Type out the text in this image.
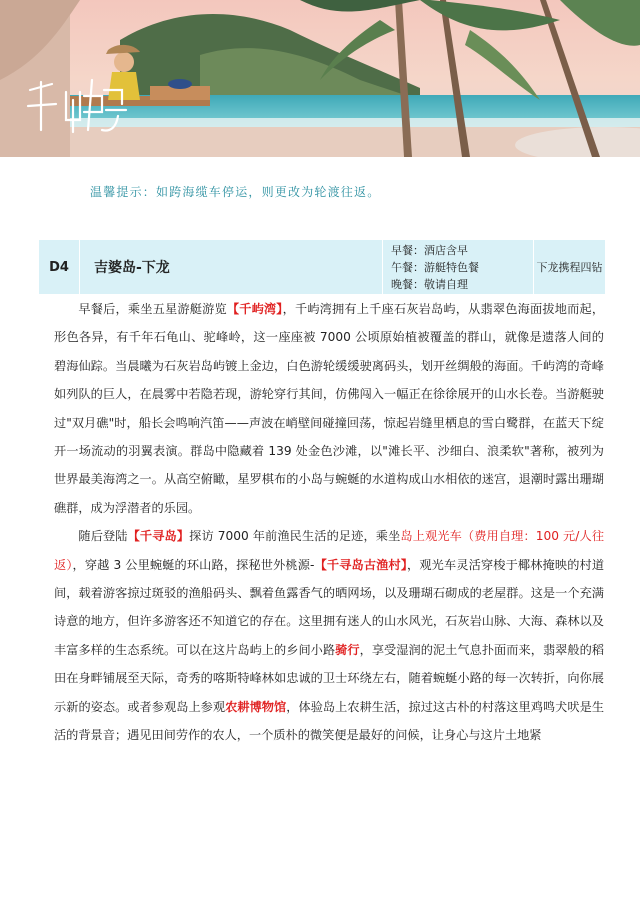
温馨提示：如跨海缆车停运，则更改为轮渡往返。
D4	吉婆岛-下龙	
早餐：酒店含早
午餐：游艇特色餐
晚餐：敬请自理
	下龙携程四钻

早餐后，乘坐五星游艇游览【千屿湾】，千屿湾拥有上千座石灰岩岛屿，从翡翠色海面拔地而起，形色各异，有千年石龟山、驼峰岭，这一座座被 7000 公顷原始植被覆盖的群山，就像是遗落人间的碧海仙踪。当晨曦为石灰岩岛屿镀上金边，白色游轮缓缓驶离码头，划开丝绸般的海面。千屿湾的奇峰如列队的巨人，在晨雾中若隐若现，游轮穿行其间，仿佛闯入一幅正在徐徐展开的山水长卷。当游艇驶过"双月礁"时，船长会鸣响汽笛——声波在峭壁间碰撞回荡，惊起岩缝里栖息的雪白鹭群，在蓝天下绽开一场流动的羽翼表演。群岛中隐藏着 139 处金色沙滩，以"滩长平、沙细白、浪柔软"著称，被列为世界最美海湾之一。从高空俯瞰，星罗棋布的小岛与蜿蜒的水道构成山水相依的迷宫，退潮时露出珊瑚礁群，成为浮潜者的乐园。

随后登陆【千寻岛】探访 7000 年前渔民生活的足迹，乘坐岛上观光车（费用自理：100 元/人往返），穿越 3 公里蜿蜒的环山路，探秘世外桃源-【千寻岛古渔村】，观光车灵活穿梭于椰林掩映的村道间，载着游客掠过斑驳的渔船码头、飘着鱼露香气的晒网场，以及珊瑚石砌成的老屋群。这是一个充满诗意的地方，但许多游客还不知道它的存在。这里拥有迷人的山水风光，石灰岩山脉、大海、森林以及丰富多样的生态系统。可以在这片岛屿上的乡间小路骑行，享受湿润的泥土气息扑面而来，翡翠般的稻田在身畔铺展至天际，奇秀的喀斯特峰林如忠诚的卫士环绕左右，随着蜿蜒小路的每一次转折，向你展示新的姿态。或者参观岛上参观农耕博物馆，体验岛上农耕生活，掠过这古朴的村落这里鸡鸣犬吠是生活的背景音；遇见田间劳作的农人，一个质朴的微笑便是最好的问候，让身心与这片土地紧
